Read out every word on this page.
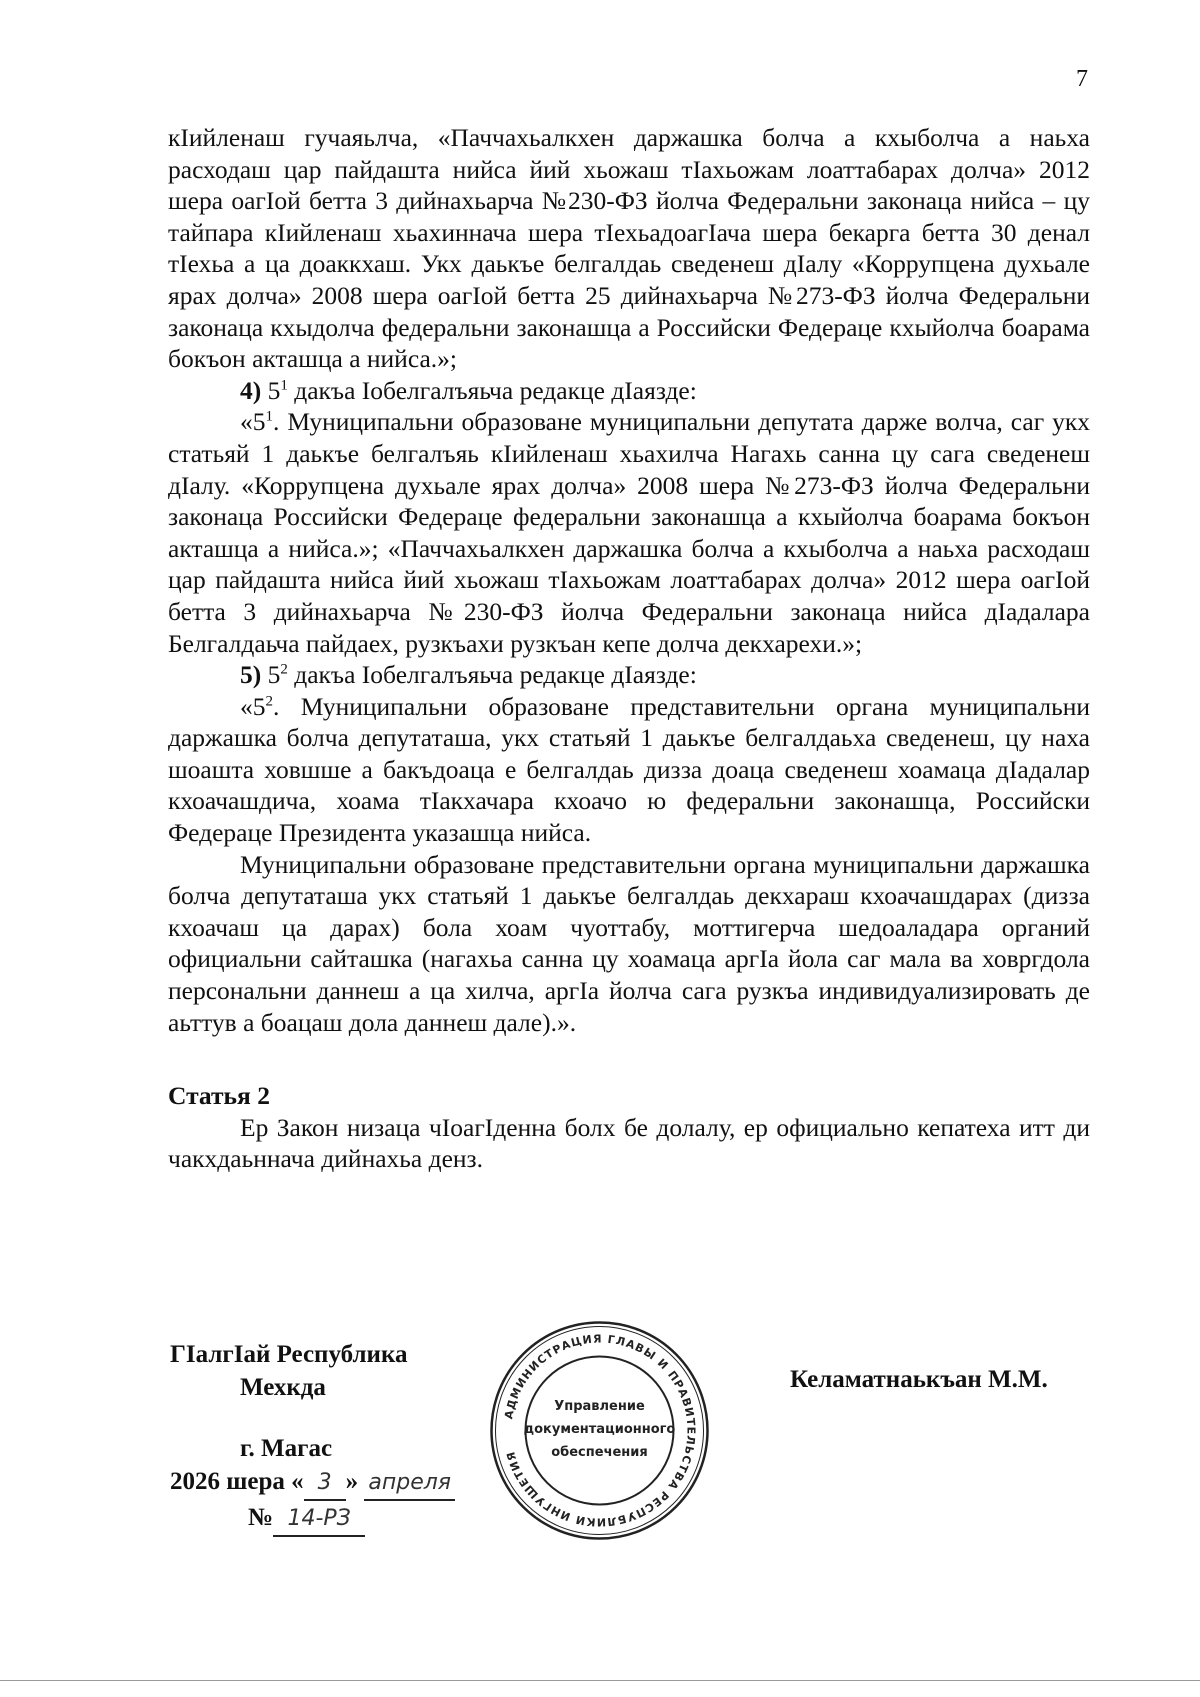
7

кIийленаш гучаяьлча, «Паччахьалкхен даржашка болча а кхыболча а наьха расходаш цар пайдашта нийса йий хьожаш тIахьожам лоаттабарах долча» 2012 шера оагIой бетта 3 дийнахьарча №230-ФЗ йолча Федеральни законаца нийса – цу тайпара кIийленаш хьахиннача шера тIехьадоагIача шера бекарга бетта 30 денал тIехьа а ца доаккхаш. Укх даькъе белгалдаь сведенеш дIалу «Коррупцена духьале ярах долча» 2008 шера оагIой бетта 25 дийнахьарча №273-ФЗ йолча Федеральни законаца кхыдолча федеральни законашца а Российски Федераце кхыйолча боарама бокъон акташца а нийса.»;

4) $5^1$ дакъа Iобелгалъяьча редакце дIаязде:

«$5^1$. Муниципальни образоване муниципальни депутата дарже волча, саг укх статьяй 1 даькъе белгалъяь кIийленаш хьахилча Нагахь санна цу сага сведенеш дIалу. «Коррупцена духьале ярах долча» 2008 шера №273-ФЗ йолча Федеральни законаца Российски Федераце федеральни законашца а кхыйолча боарама бокъон акташца а нийса.»; «Паччахьалкхен даржашка болча а кхыболча а наьха расходаш цар пайдашта нийса йий хьожаш тIахьожам лоаттабарах долча» 2012 шера оагIой бетта 3 дийнахьарча №230-ФЗ йолча Федеральни законаца нийса дIадалара Белгалдаьча пайдаех, рузкъахи рузкъан кепе долча декхарехи.»;

5) $5^2$ дакъа Iобелгалъяьча редакце дIаязде:

«$5^2$. Муниципальни образоване представительни органа муниципальни даржашка болча депутаташа, укх статьяй 1 даькъе белгалдаьха сведенеш, цу наха шоашта ховшше а бакъдоаца е белгалдаь дизза доаца сведенеш хоамаца дIадалар кхоачашдича, хоама тIакхачара кхоачо ю федеральни законашца, Российски Федераце Президента указашца нийса.

Муниципальни образоване представительни органа муниципальни даржашка болча депутаташа укх статьяй 1 даькъе белгалдаь декхараш кхоачашдарах (дизза кхоачаш ца дарах) бола хоам чуоттабу, моттигерча шедоаладара органий официальни сайташка (нагахьа санна цу хоамаца аргIа йола саг мала ва ховргдола персональни даннеш а ца хилча, аргIа йолча сага рузкъа индивидуализировать де аьттув а боацаш дола даннеш дале).».

Статья 2

Ер Закон низаца чIоагIденна болх бе долалу, ер официально кепатеха итт ди чакхдаьннача дийнахьа денз.

ГIалгIай Республика
Мехкда
г. Магас
2026 шера « 3 » апреля
№ 14-РЗ
Келаматнаькъан М.М.
АДМИНИСТРАЦИЯ ГЛАВЫ И ПРАВИТЕЛЬСТВА РЕСПУБЛИКИ ИНГУШЕТИЯ
Управление
документационного
обеспечения
